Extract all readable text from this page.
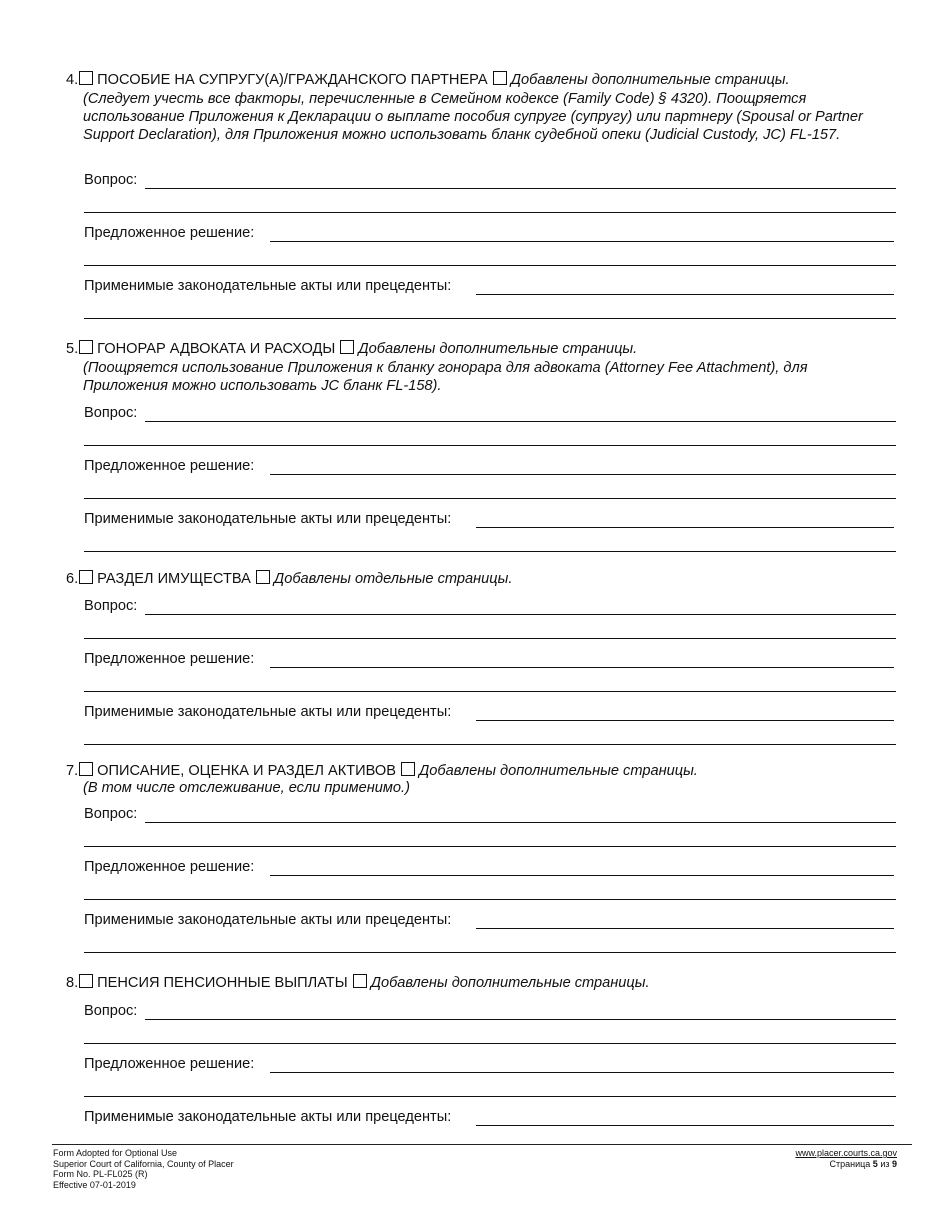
4. ПОСОБИЕ НА СУПРУГУ(А)/ГРАЖДАНСКОГО ПАРТНЕРА Добавлены дополнительные страницы.
(Следует учесть все факторы, перечисленные в Семейном кодексе (Family Code) § 4320). Поощряется использование Приложения к Декларации о выплате пособия супруге (супругу) или партнеру (Spousal or Partner Support Declaration), для Приложения можно использовать бланк судебной опеки (Judicial Custody, JC) FL-157.
Вопрос:
Предложенное решение:
Применимые законодательные акты или прецеденты:
5. ГОНОРАР АДВОКАТА И РАСХОДЫ Добавлены дополнительные страницы.
(Поощряется использование Приложения к бланку гонорара для адвоката (Attorney Fee Attachment), для Приложения можно использовать JC бланк FL-158).
Вопрос:
Предложенное решение:
Применимые законодательные акты или прецеденты:
6. РАЗДЕЛ ИМУЩЕСТВА Добавлены отдельные страницы.
Вопрос:
Предложенное решение:
Применимые законодательные акты или прецеденты:
7. ОПИСАНИЕ, ОЦЕНКА И РАЗДЕЛ АКТИВОВ Добавлены дополнительные страницы.
(В том числе отслеживание, если применимо.)
Вопрос:
Предложенное решение:
Применимые законодательные акты или прецеденты:
8. ПЕНСИЯ ПЕНСИОННЫЕ ВЫПЛАТЫ Добавлены дополнительные страницы.
Вопрос:
Предложенное решение:
Применимые законодательные акты или прецеденты:
Form Adopted for Optional Use
Superior Court of California, County of Placer
Form No. PL-FL025 (R)
Effective 07-01-2019
www.placer.courts.ca.gov
Страница 5 из 9
